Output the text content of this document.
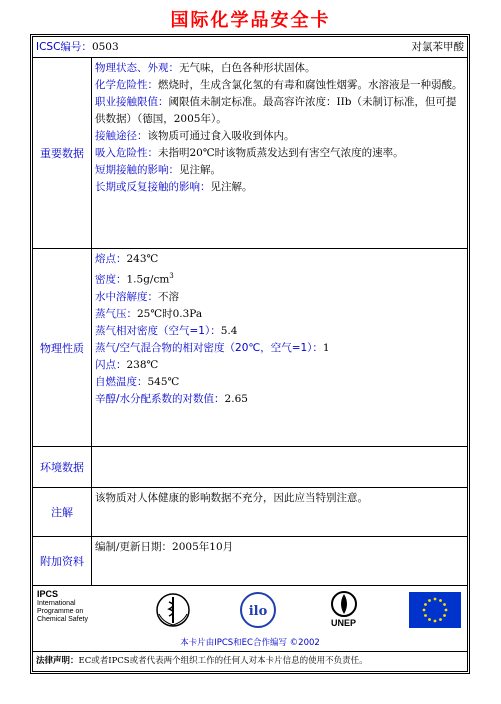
国际化学品安全卡
ICSC编号：0503	对氯苯甲酸
重要数据
物理状态、外观：无气味，白色各种形状固体。
化学危险性：燃烧时，生成含氯化氢的有毒和腐蚀性烟雾。水溶液是一种弱酸。
职业接触限值：阈限值未制定标准。最高容许浓度：IIb（未制订标准，但可提供数据）（德国，2005年）。
接触途径：该物质可通过食入吸收到体内。
吸入危险性：未指明20℃时该物质蒸发达到有害空气浓度的速率。
短期接触的影响：见注解。
长期或反复接触的影响：见注解。
物理性质
熔点：243℃
密度：$1.5g/cm^3$
水中溶解度：不溶
蒸气压：25℃时0.3Pa
蒸气相对密度（空气=1）：5.4
蒸气/空气混合物的相对密度（20℃，空气=1）：1
闪点：238℃
自燃温度：545℃
辛醇/水分配系数的对数值：2.65
环境数据
注解
该物质对人体健康的影响数据不充分，因此应当特别注意。
附加资料
编制/更新日期：2005年10月
IPCS
International
Programme on
Chemical Safety
ilo
UNEP
本卡片由IPCS和EC合作编写 ©2002
法律声明：EC或者IPCS或者代表两个组织工作的任何人对本卡片信息的使用不负责任。
